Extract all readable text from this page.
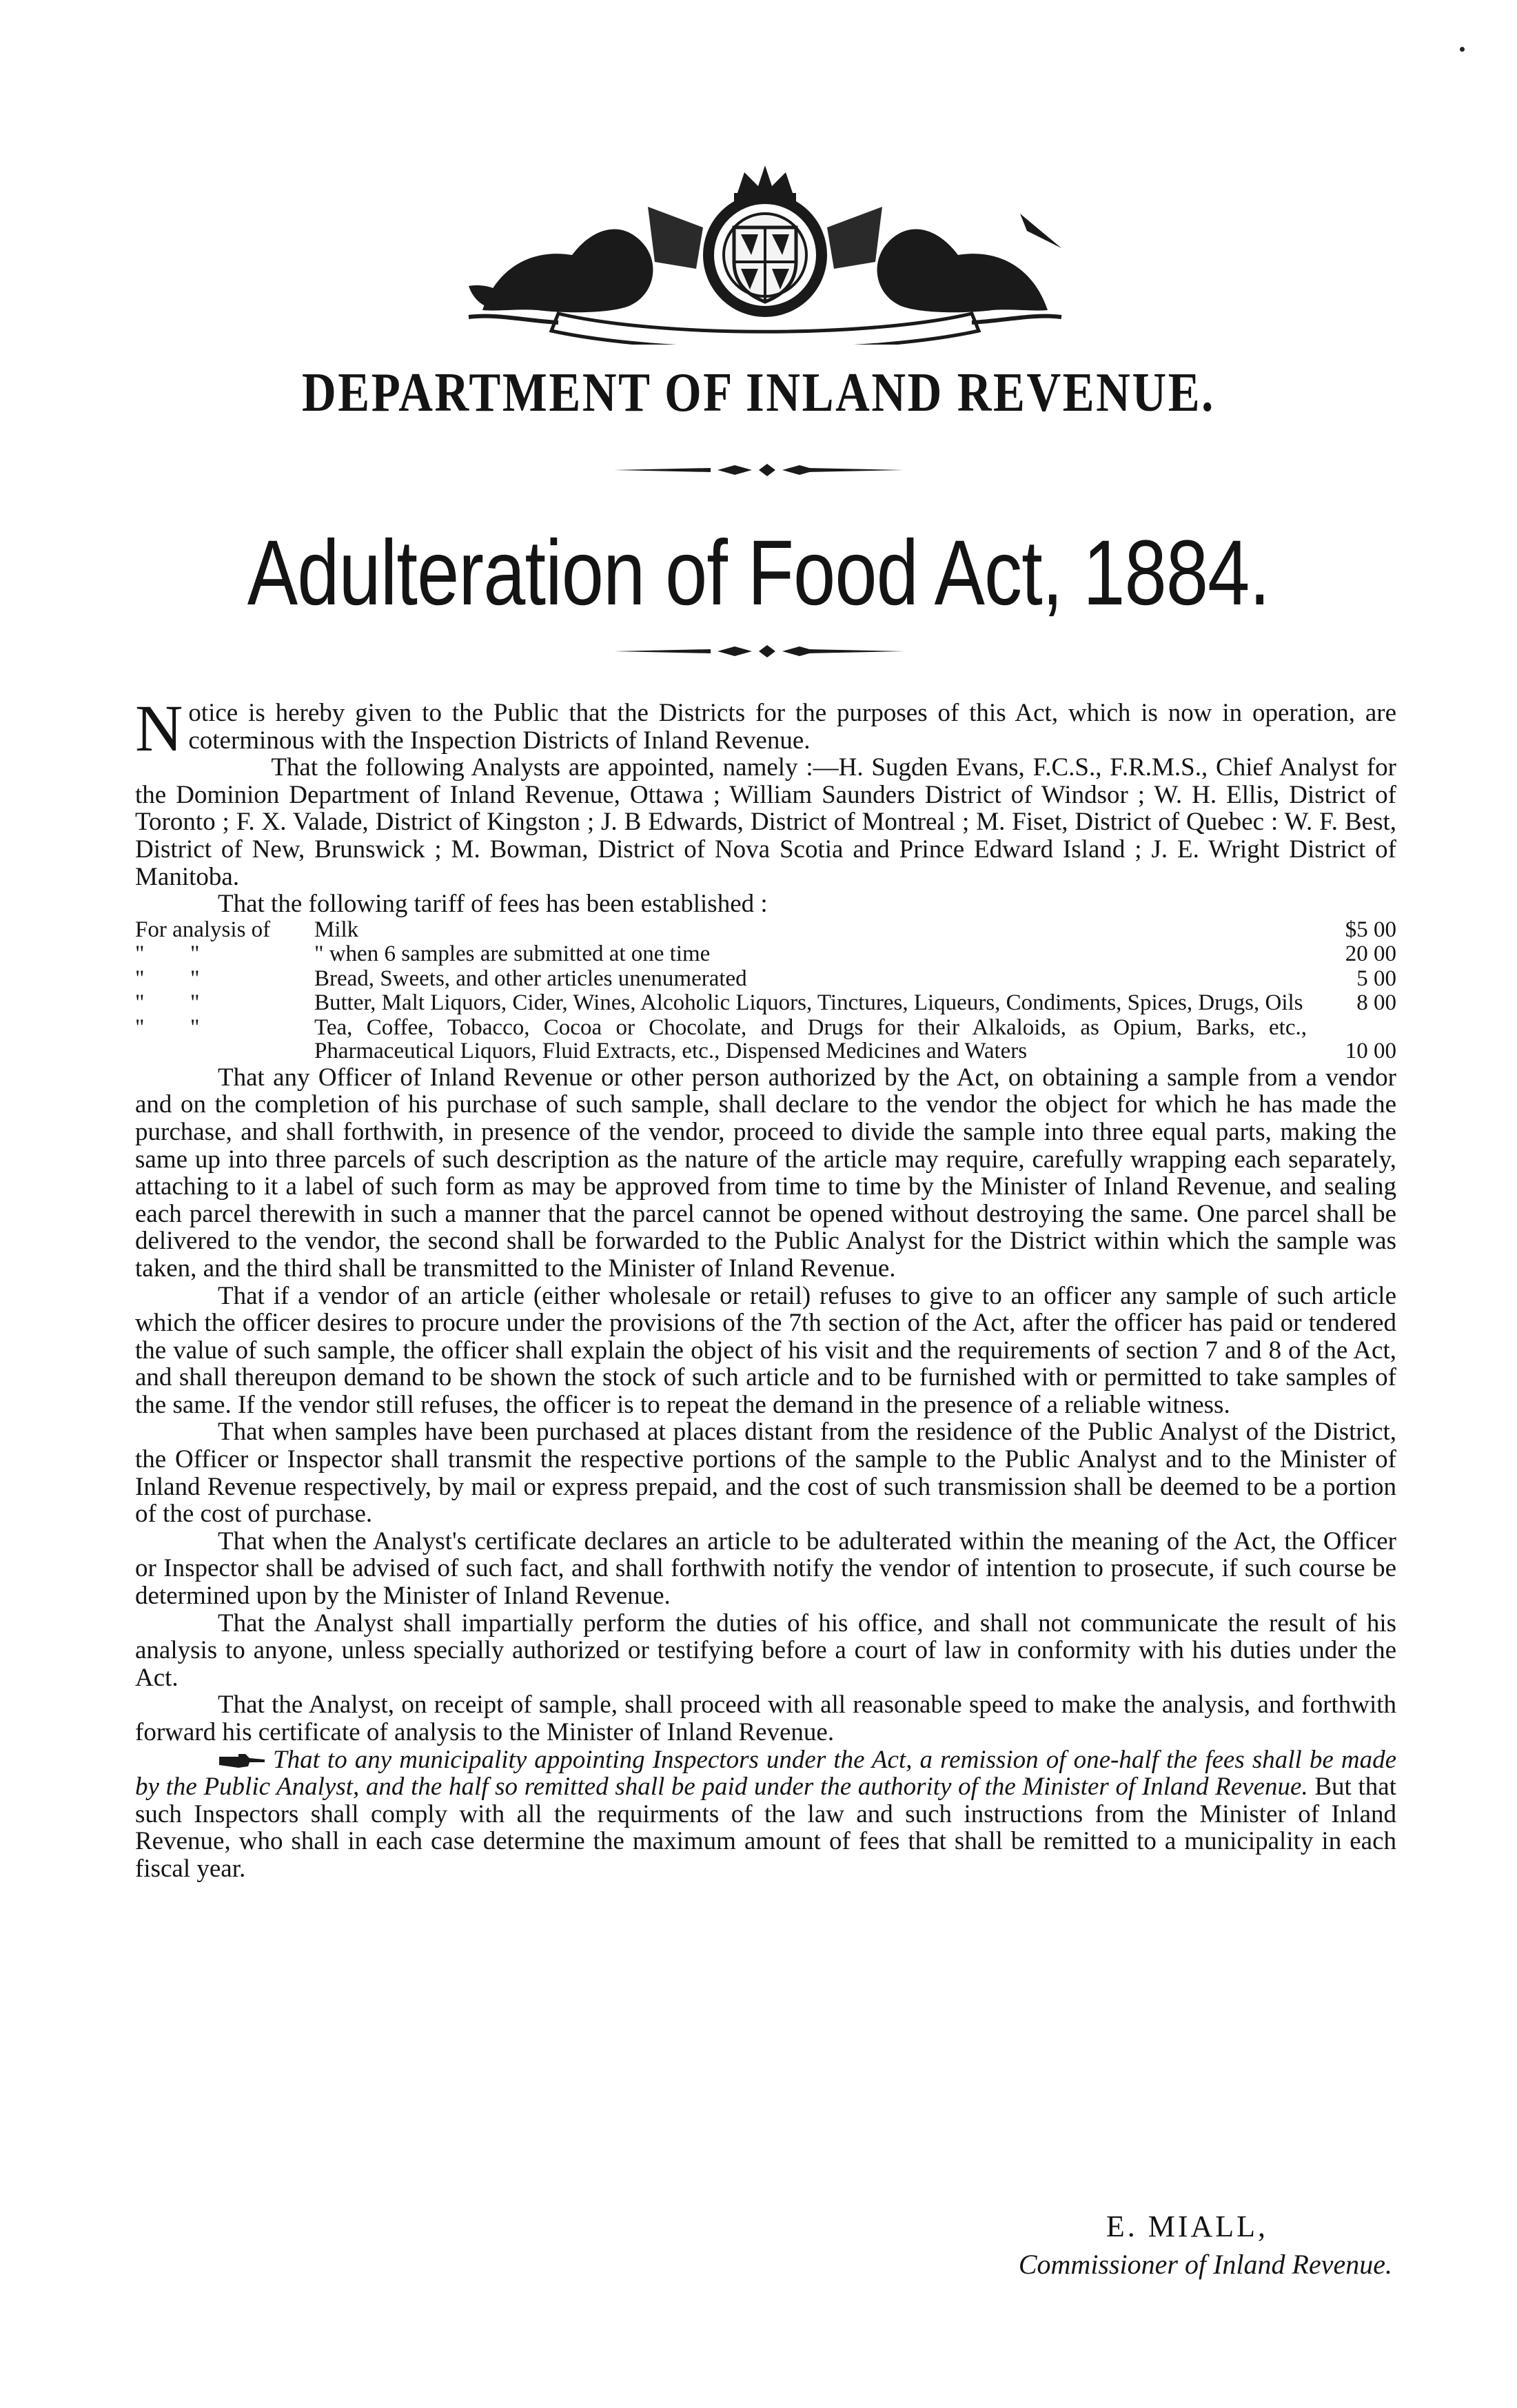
DEPARTMENT OF INLAND REVENUE.
Adulteration of Food Act, 1884.

Notice is hereby given to the Public that the Districts for the purposes of this Act, which is now in operation, are coterminous with the Inspection Districts of Inland Revenue.

That the following Analysts are appointed, namely :—H. Sugden Evans, F.C.S., F.R.M.S., Chief Analyst for the Dominion Department of Inland Revenue, Ottawa ; William Saunders District of Windsor ; W. H. Ellis, District of Toronto ; F. X. Valade, District of Kingston ; J. B Edwards, District of Montreal ; M. Fiset, District of Quebec : W. F. Best, District of New, Brunswick ; M. Bowman, District of Nova Scotia and Prince Edward Island ; J. E. Wright District of Manitoba.

That the following tariff of fees has been established :

For analysis of		Milk	$5 00
"	"	" when 6 samples are submitted at one time	20 00
"	"	Bread, Sweets, and other articles unenumerated	5 00
"	"	Butter, Malt Liquors, Cider, Wines, Alcoholic Liquors, Tinctures, Liqueurs, Condiments, Spices, Drugs, Oils	8 00
"	"	Tea, Coffee, Tobacco, Cocoa or Chocolate, and Drugs for their Alkaloids, as Opium, Barks, etc., Pharmaceutical Liquors, Fluid Extracts, etc., Dispensed Medicines and Waters	10 00

That any Officer of Inland Revenue or other person authorized by the Act, on obtaining a sample from a vendor and on the completion of his purchase of such sample, shall declare to the vendor the object for which he has made the purchase, and shall forthwith, in presence of the vendor, proceed to divide the sample into three equal parts, making the same up into three parcels of such description as the nature of the article may require, carefully wrapping each separately, attaching to it a label of such form as may be approved from time to time by the Minister of Inland Revenue, and sealing each parcel therewith in such a manner that the parcel cannot be opened without destroying the same. One parcel shall be delivered to the vendor, the second shall be forwarded to the Public Analyst for the District within which the sample was taken, and the third shall be transmitted to the Minister of Inland Revenue.

That if a vendor of an article (either wholesale or retail) refuses to give to an officer any sample of such article which the officer desires to procure under the provisions of the 7th section of the Act, after the officer has paid or tendered the value of such sample, the officer shall explain the object of his visit and the requirements of section 7 and 8 of the Act, and shall thereupon demand to be shown the stock of such article and to be furnished with or permitted to take samples of the same. If the vendor still refuses, the officer is to repeat the demand in the presence of a reliable witness.

That when samples have been purchased at places distant from the residence of the Public Analyst of the District, the Officer or Inspector shall transmit the respective portions of the sample to the Public Analyst and to the Minister of Inland Revenue respectively, by mail or express prepaid, and the cost of such transmission shall be deemed to be a portion of the cost of purchase.

That when the Analyst's certificate declares an article to be adulterated within the meaning of the Act, the Officer or Inspector shall be advised of such fact, and shall forthwith notify the vendor of intention to prosecute, if such course be determined upon by the Minister of Inland Revenue.

That the Analyst shall impartially perform the duties of his office, and shall not communicate the result of his analysis to anyone, unless specially authorized or testifying before a court of law in conformity with his duties under the Act.

That the Analyst, on receipt of sample, shall proceed with all reasonable speed to make the analysis, and forthwith forward his certificate of analysis to the Minister of Inland Revenue.

That to any municipality appointing Inspectors under the Act, a remission of one-half the fees shall be made by the Public Analyst, and the half so remitted shall be paid under the authority of the Minister of Inland Revenue. But that such Inspectors shall comply with all the requirments of the law and such instructions from the Minister of Inland Revenue, who shall in each case determine the maximum amount of fees that shall be remitted to a municipality in each fiscal year.

E. MIALL,
Commissioner of Inland Revenue.
